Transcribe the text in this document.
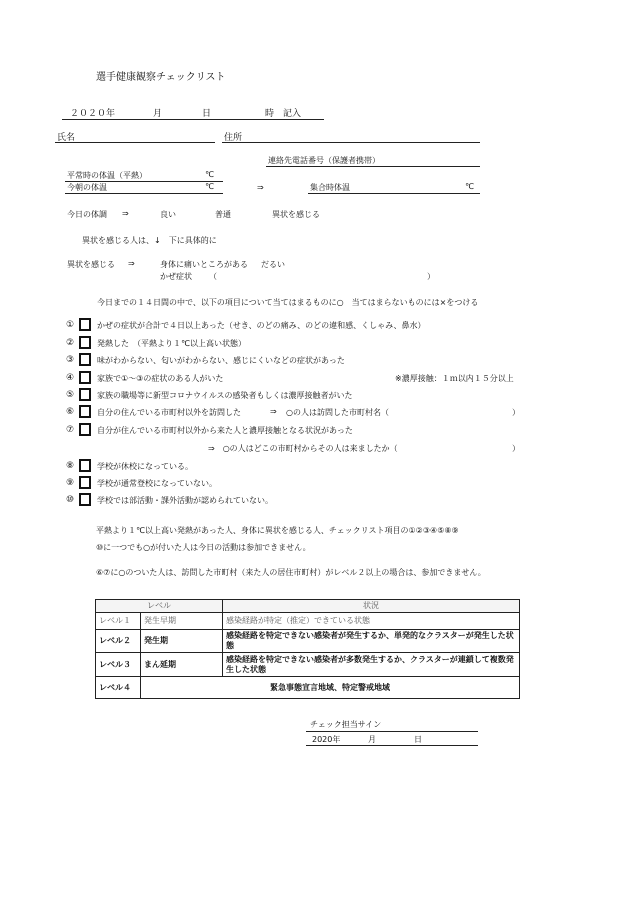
選手健康観察チェックリスト
２０２０年	月	日	時　記入
氏名	住所
連絡先電話番号（保護者携帯）
平常時の体温（平熱）	℃
今朝の体温	℃	⇒	集合時体温	℃
今日の体調 ⇒	良い	普通	異状を感じる
異状を感じる人は、↓　下に具体的に
異状を感じる ⇒	身体に痛いところがある だるい
かぜ症状 （	）
今日までの１４日間の中で、以下の項目について当てはまるものに○　当てはまらないものには×をつける
①	かぜの症状が合計で４日以上あった（せき、のどの痛み、のどの違和感、くしゃみ、鼻水）
②	発熱した　（平熱より１℃以上高い状態）
③	味がわからない、匂いがわからない、感じにくいなどの症状があった
④	家族で①～③の症状のある人がいた	※濃厚接触：１ｍ以内１５分以上
⑤	家族の職場等に新型コロナウイルスの感染者もしくは濃厚接触者がいた
⑥	自分の住んでいる市町村以外を訪問した	⇒ ○の人は訪問した市町村名（	）
⑦	自分が住んでいる市町村以外から来た人と濃厚接触となる状況があった
⇒　○の人はどこの市町村からその人は来ましたか（	）
⑧	学校が休校になっている。
⑨	学校が通常登校になっていない。
⑩	学校では部活動・課外活動が認められていない。
平熱より１℃以上高い発熱があった人、身体に異状を感じる人、チェックリスト項目の①②③④⑤⑧⑨
⑩に一つでも○が付いた人は今日の活動は参加できません。
⑥⑦に○のついた人は、訪問した市町村（来た人の居住市町村）がレベル２以上の場合は、参加できません。
レベル		状況
レベル１	発生早期	感染経路が特定（推定）できている状態
レベル２	発生期	感染経路を特定できない感染者が発生するか、単発的なクラスターが発生した状態
レベル３	まん延期	感染経路を特定できない感染者が多数発生するか、クラスターが連鎖して複数発生した状態
レベル４	緊急事態宣言地域、特定警戒地域	
チェック担当サイン
2020年	月	日
